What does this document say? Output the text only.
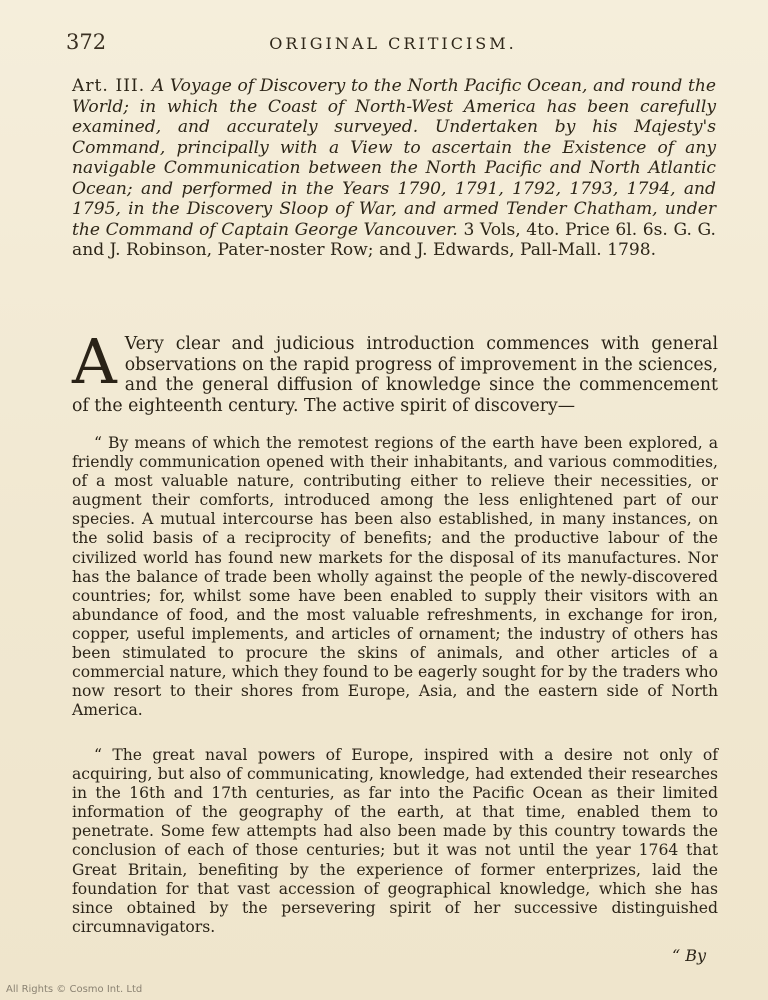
372	ORIGINAL CRITICISM.
Art. III. A Voyage of Discovery to the North Pacific Ocean, and round the World; in which the Coast of North-West America has been carefully examined, and accurately surveyed. Undertaken by his Majesty's Command, principally with a View to ascertain the Existence of any navigable Communication between the North Pacific and North Atlantic Ocean; and performed in the Years 1790, 1791, 1792, 1793, 1794, and 1795, in the Discovery Sloop of War, and armed Tender Chatham, under the Command of Captain George Vancouver. 3 Vols, 4to. Price 6l. 6s. G. G. and J. Robinson, Pater-noster Row; and J. Edwards, Pall-Mall. 1798.
A Very clear and judicious introduction commences with general observations on the rapid progress of improvement in the sciences, and the general diffusion of knowledge since the commencement of the eighteenth century. The active spirit of discovery—
“ By means of which the remotest regions of the earth have been explored, a friendly communication opened with their inhabitants, and various commodities, of a most valuable nature, contributing either to relieve their necessities, or augment their comforts, introduced among the less enlightened part of our species. A mutual intercourse has been also established, in many instances, on the solid basis of a reciprocity of benefits; and the productive labour of the civilized world has found new markets for the disposal of its manufactures. Nor has the balance of trade been wholly against the people of the newly-discovered countries; for, whilst some have been enabled to supply their visitors with an abundance of food, and the most valuable refreshments, in exchange for iron, copper, useful implements, and articles of ornament; the industry of others has been stimulated to procure the skins of animals, and other articles of a commercial nature, which they found to be eagerly sought for by the traders who now resort to their shores from Europe, Asia, and the eastern side of North America.
“ The great naval powers of Europe, inspired with a desire not only of acquiring, but also of communicating, knowledge, had extended their researches in the 16th and 17th centuries, as far into the Pacific Ocean as their limited information of the geography of the earth, at that time, enabled them to penetrate. Some few attempts had also been made by this country towards the conclusion of each of those centuries; but it was not until the year 1764 that Great Britain, benefiting by the experience of former enterprizes, laid the foundation for that vast accession of geographical knowledge, which she has since obtained by the persevering spirit of her successive distinguished circumnavigators.
“ By
All Rights © Cosmo Int. Ltd
